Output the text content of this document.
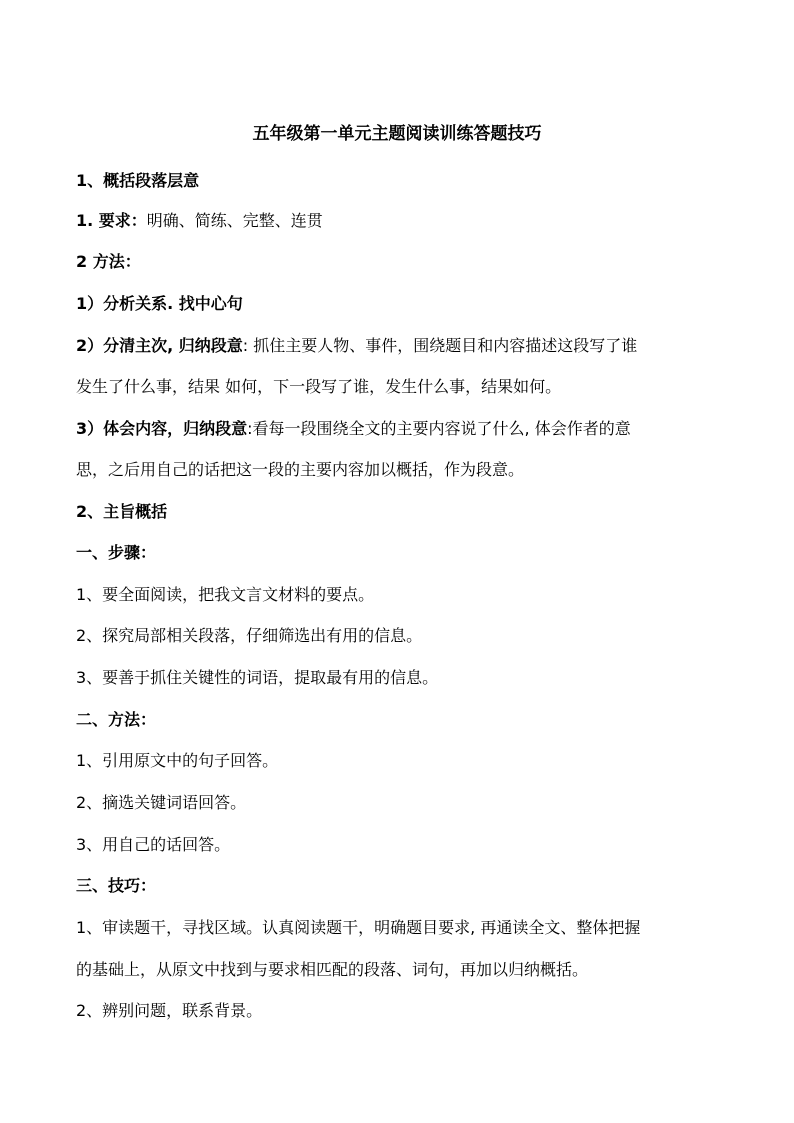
五年级第一单元主题阅读训练答题技巧
1、概括段落层意
1. 要求：明确、简练、完整、连贯
2 方法：
1）分析关系. 找中心句
2）分清主次, 归纳段意: 抓住主要人物、事件，围绕题目和内容描述这段写了谁
发生了什么事，结果 如何，下一段写了谁，发生什么事，结果如何。
3）体会内容，归纳段意:看每一段围绕全文的主要内容说了什么, 体会作者的意
思，之后用自己的话把这一段的主要内容加以概括，作为段意。
2、主旨概括
一、步骤：
1、要全面阅读，把我文言文材料的要点。
2、探究局部相关段落，仔细筛选出有用的信息。
3、要善于抓住关键性的词语，提取最有用的信息。
二、方法：
1、引用原文中的句子回答。
2、摘选关键词语回答。
3、用自己的话回答。
三、技巧：
1、审读题干，寻找区域。认真阅读题干，明确题目要求, 再通读全文、整体把握
的基础上，从原文中找到与要求相匹配的段落、词句，再加以归纳概括。
2、辨别问题，联系背景。
